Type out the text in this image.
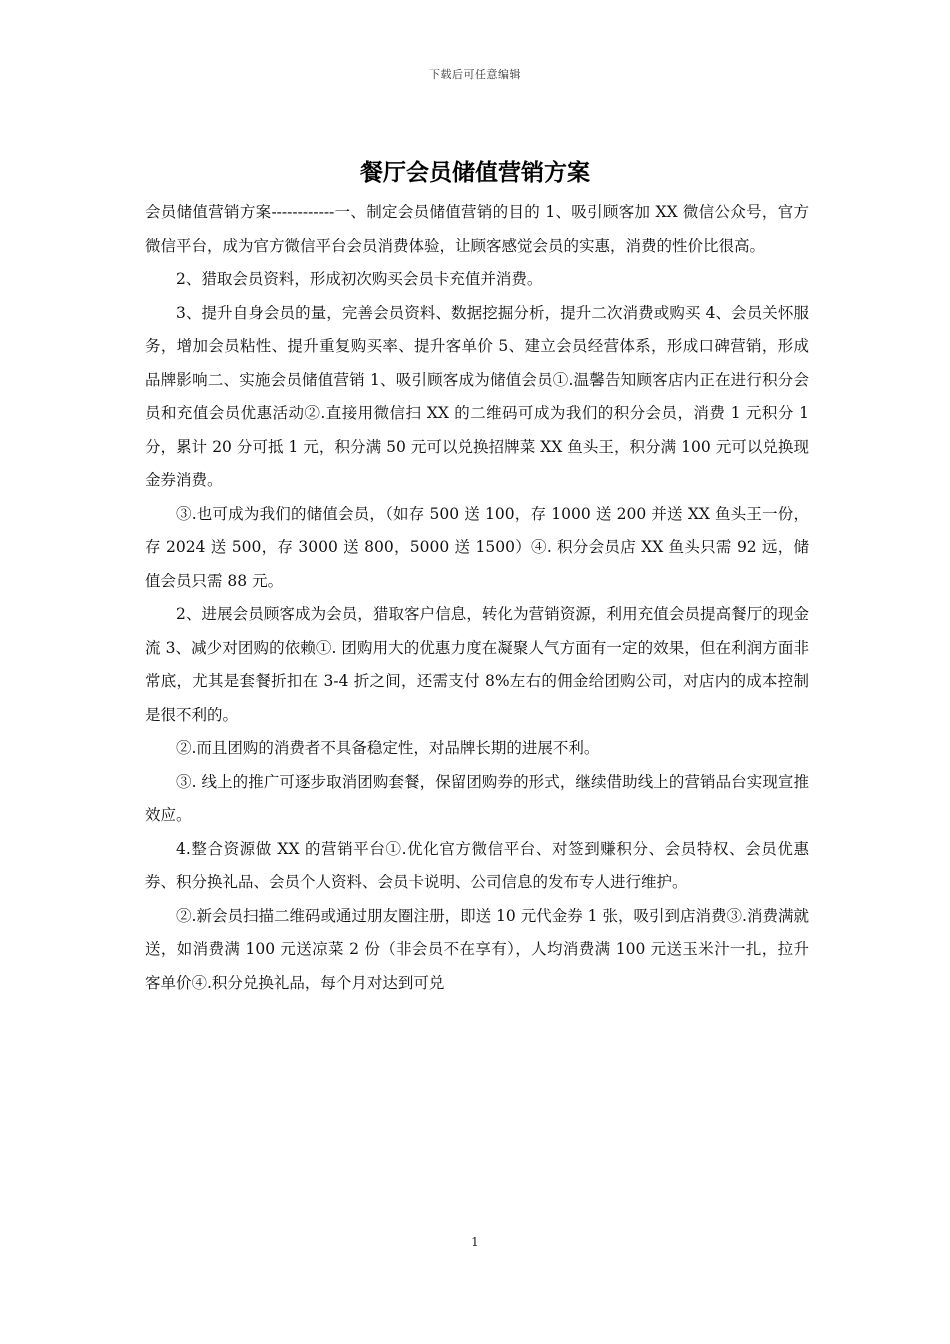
下载后可任意编辑
餐厅会员储值营销方案

会员储值营销方案------------一、制定会员储值营销的目的 1、吸引顾客加 XX 微信公众号，官方微信平台，成为官方微信平台会员消费体验，让顾客感觉会员的实惠，消费的性价比很高。

2、猎取会员资料，形成初次购买会员卡充值并消费。

3、提升自身会员的量，完善会员资料、数据挖掘分析，提升二次消费或购买 4、会员关怀服务，增加会员粘性、提升重复购买率、提升客单价 5、建立会员经营体系，形成口碑营销，形成品牌影响二、实施会员储值营销 1、吸引顾客成为储值会员①.温馨告知顾客店内正在进行积分会员和充值会员优惠活动②.直接用微信扫 XX 的二维码可成为我们的积分会员，消费 1 元积分 1 分，累计 20 分可抵 1 元，积分满 50 元可以兑换招牌菜 XX 鱼头王，积分满 100 元可以兑换现金券消费。

③.也可成为我们的储值会员，（如存 500 送 100，存 1000 送 200 并送 XX 鱼头王一份，存 2024 送 500，存 3000 送 800，5000 送 1500）④. 积分会员店 XX 鱼头只需 92 远，储值会员只需 88 元。

2、进展会员顾客成为会员，猎取客户信息，转化为营销资源，利用充值会员提高餐厅的现金流 3、减少对团购的依赖①. 团购用大的优惠力度在凝聚人气方面有一定的效果，但在利润方面非常底，尤其是套餐折扣在 3-4 折之间，还需支付 8%左右的佣金给团购公司，对店内的成本控制是很不利的。

②.而且团购的消费者不具备稳定性，对品牌长期的进展不利。

③. 线上的推广可逐步取消团购套餐，保留团购券的形式，继续借助线上的营销品台实现宣推效应。

4.整合资源做 XX 的营销平台①.优化官方微信平台、对签到赚积分、会员特权、会员优惠券、积分换礼品、会员个人资料、会员卡说明、公司信息的发布专人进行维护。

②.新会员扫描二维码或通过朋友圈注册，即送 10 元代金券 1 张，吸引到店消费③.消费满就送，如消费满 100 元送凉菜 2 份（非会员不在享有），人均消费满 100 元送玉米汁一扎，拉升客单价④.积分兑换礼品，每个月对达到可兑

1
